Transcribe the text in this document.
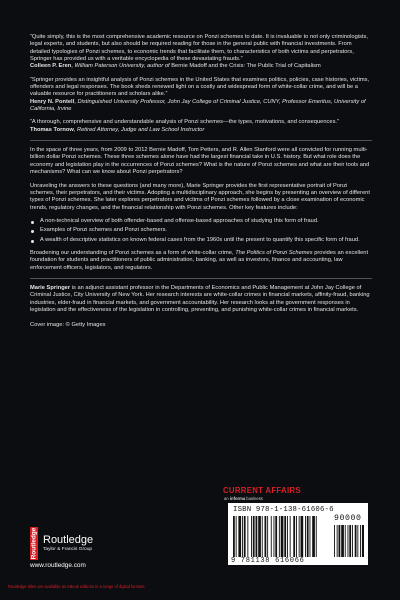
“Quite simply, this is the most comprehensive academic resource on Ponzi schemes to date. It is invaluable to not only criminologists, legal experts, and students, but also should be required reading for those in the general public with financial investments. From detailed typologies of Ponzi schemes, to economic trends that facilitate them, to characteristics of both victims and perpetrators, Springer has provided us with a veritable encyclopedia of these devastating frauds.”
Colleen P. Eren, William Paterson University, author of Bernie Madoff and the Crisis: The Public Trial of Capitalism
“Springer provides an insightful analysis of Ponzi schemes in the United States that examines politics, policies, case histories, victims, offenders and legal responses. The book sheds renewed light on a costly and widespread form of white-collar crime, and will be a valuable resource for practitioners and scholars alike.”
Henry N. Pontell, Distinguished University Professor, John Jay College of Criminal Justice, CUNY, Professor Emeritus, University of California, Irvine
“A thorough, comprehensive and understandable analysis of Ponzi schemes—the types, motivations, and consequences.”
Thomas Tornow, Retired Attorney, Judge and Law School Instructor

In the space of three years, from 2009 to 2012 Bernie Madoff, Tom Petters, and R. Allen Stanford were all convicted for running multi-billion dollar Ponzi schemes. These three schemes alone have had the largest financial take in U.S. history. But what role does the economy and legislation play in the occurrences of Ponzi schemes? What is the nature of Ponzi schemes and what are their tools and mechanisms? What can we know about Ponzi perpetrators?

Unraveling the answers to these questions (and many more), Marie Springer provides the first representative portrait of Ponzi schemes, their perpetrators, and their victims. Adopting a multidisciplinary approach, she begins by presenting an overview of different types of Ponzi schemes. She later explores perpetrators and victims of Ponzi schemes followed by a close examination of economic trends, regulatory changes, and the financial relationship with Ponzi schemes. Other key features include:

A non-technical overview of both offender-based and offense-based approaches of studying this form of fraud.
Examples of Ponzi schemes and Ponzi schemers.
A wealth of descriptive statistics on known federal cases from the 1960s until the present to quantify this specific form of fraud.

Broadening our understanding of Ponzi schemes as a form of white-collar crime, The Politics of Ponzi Schemes provides an excellent foundation for students and practitioners of public administration, banking, as well as investors, finance and accounting, law enforcement officers, legislators, and regulators.

Marie Springer is an adjunct assistant professor in the Departments of Economics and Public Management at John Jay College of Criminal Justice, City University of New York. Her research interests are white-collar crimes in financial markets, affinity-fraud, banking industries, elder-fraud in financial markets, and government accountability. Her research looks at the government responses in legislation and the effectiveness of the legislation in controlling, preventing, and punishing white-collar crimes in financial markets.

Cover image: © Getty Images
CURRENT AFFAIRS
an informa business
Routledge Routledge
Taylor & Francis Group
www.routledge.com
Routledge titles are available as eBook editions in a range of digital formats
ISBN 978-1-138-61606-6
90000
9 781138 616066
